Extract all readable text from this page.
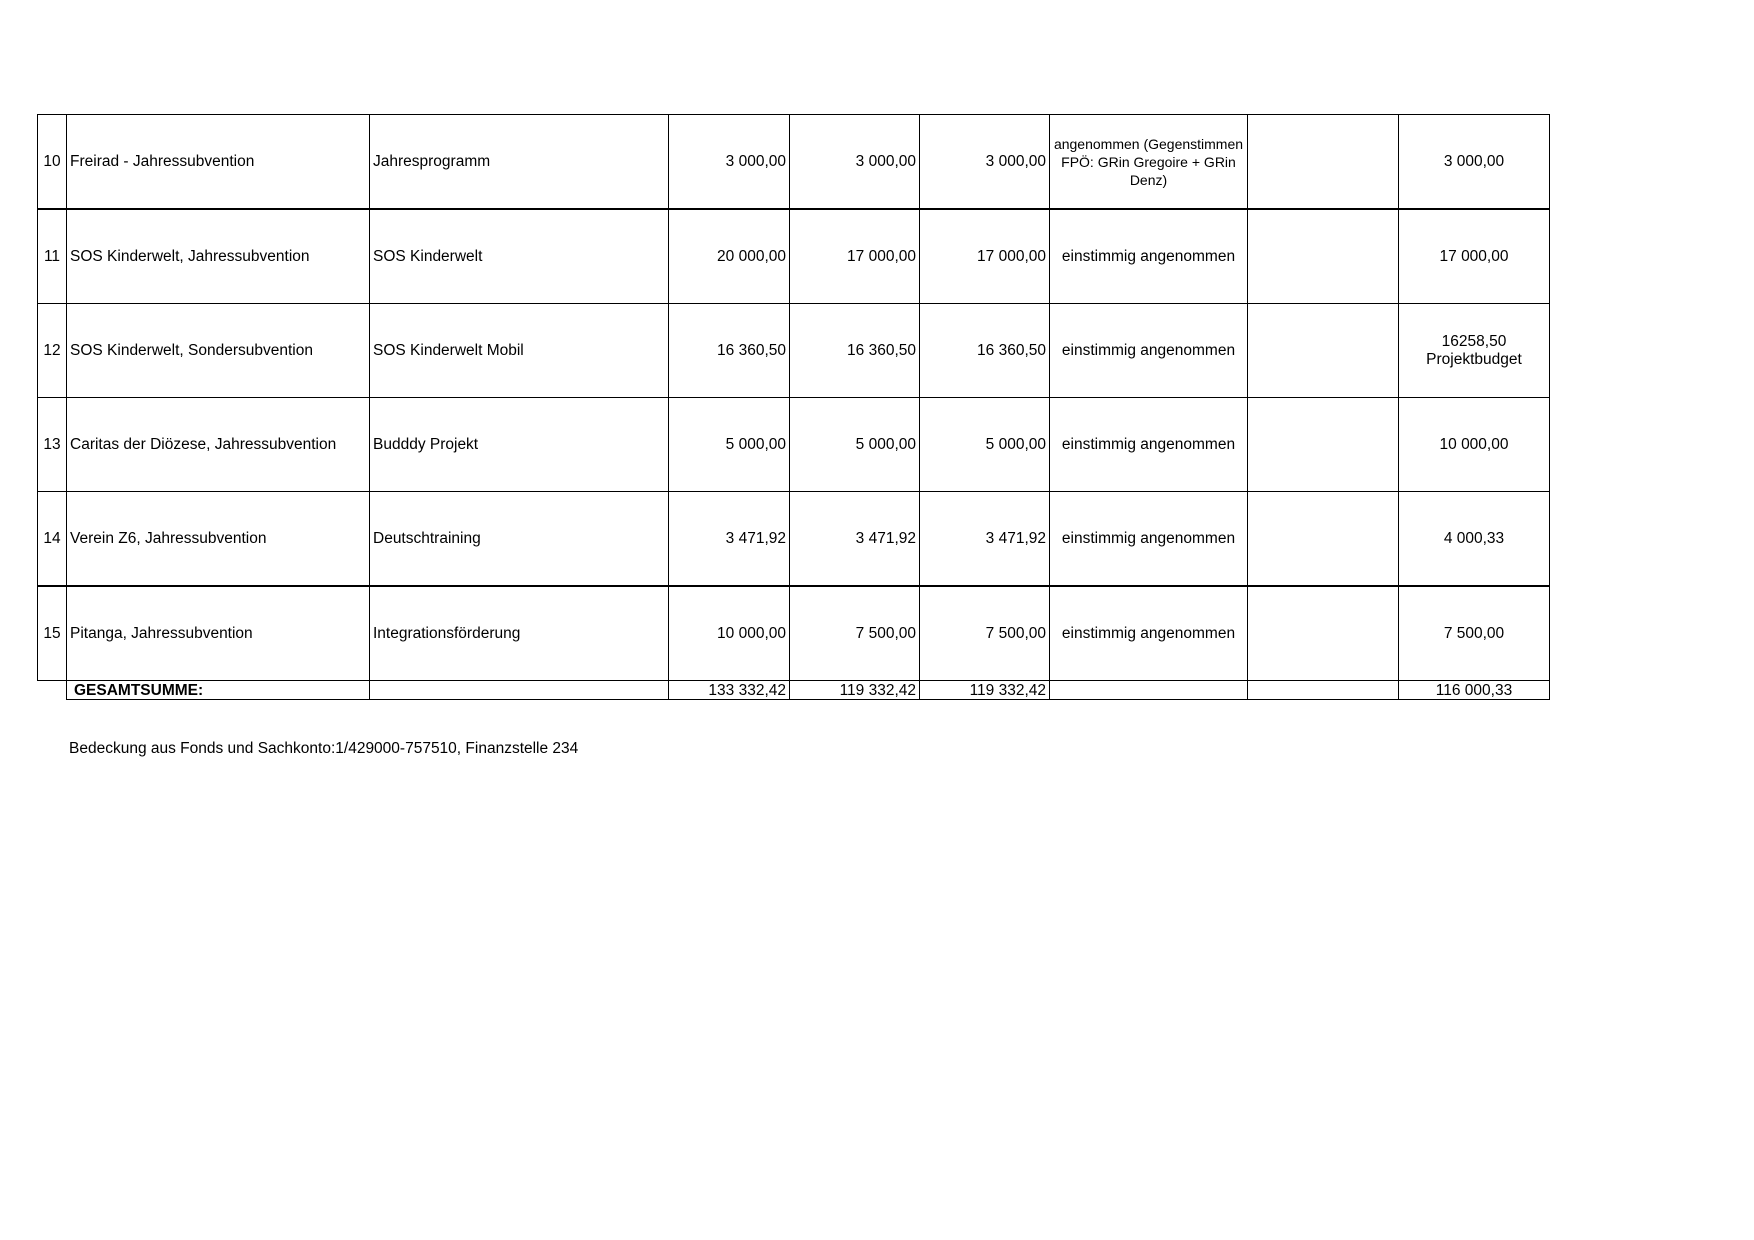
10	Freirad - Jahressubvention	Jahresprogramm	3 000,00	3 000,00	3 000,00	angenommen (Gegenstimmen FPÖ: GRin Gregoire + GRin Denz)		3 000,00
11	SOS Kinderwelt, Jahressubvention	SOS Kinderwelt	20 000,00	17 000,00	17 000,00	einstimmig angenommen		17 000,00
12	SOS Kinderwelt, Sondersubvention	SOS Kinderwelt Mobil	16 360,50	16 360,50	16 360,50	einstimmig angenommen		16258,50 Projektbudget
13	Caritas der Diözese, Jahressubvention	Budddy Projekt	5 000,00	5 000,00	5 000,00	einstimmig angenommen		10 000,00
14	Verein Z6, Jahressubvention	Deutschtraining	3 471,92	3 471,92	3 471,92	einstimmig angenommen		4 000,33
15	Pitanga, Jahressubvention	Integrationsförderung	10 000,00	7 500,00	7 500,00	einstimmig angenommen		7 500,00
	GESAMTSUMME:		133 332,42	119 332,42	119 332,42			116 000,33
Bedeckung aus Fonds und Sachkonto:1/429000-757510, Finanzstelle 234
